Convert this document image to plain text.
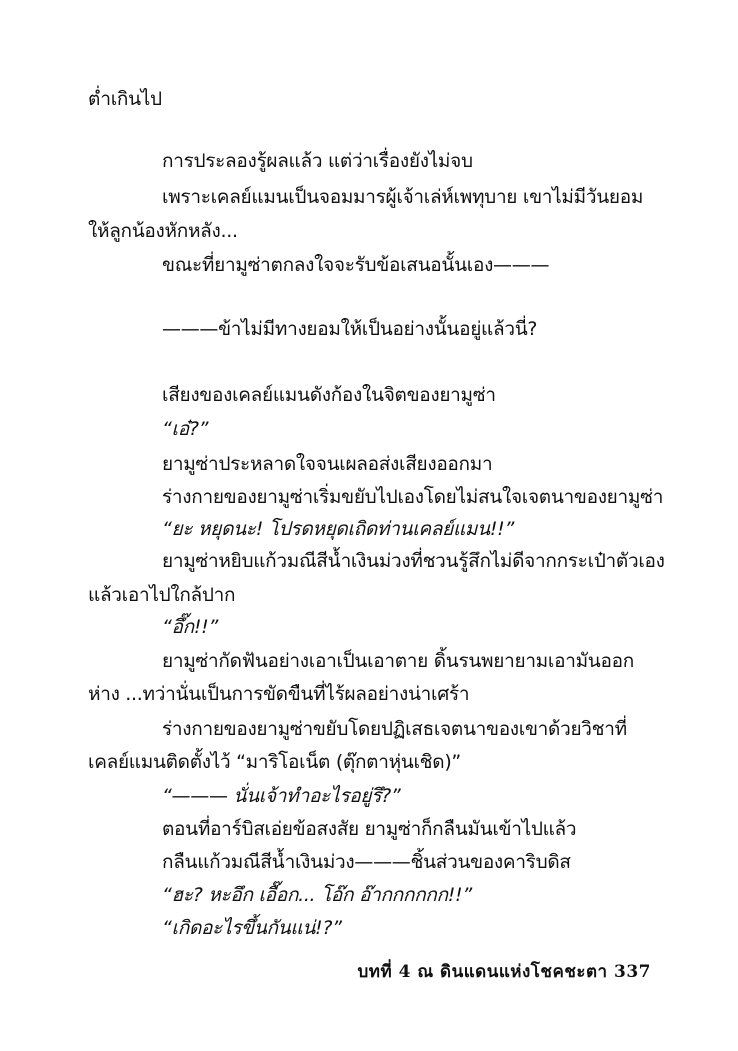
ต่ำเกินไป
การประลองรู้ผลแล้ว แต่ว่าเรื่องยังไม่จบ
เพราะเคลย์แมนเป็นจอมมารผู้เจ้าเล่ห์เพทุบาย เขาไม่มีวันยอม
ให้ลูกน้องหักหลัง...
ขณะที่ยามูซ่าตกลงใจจะรับข้อเสนอนั้นเอง———
———ข้าไม่มีทางยอมให้เป็นอย่างนั้นอยู่แล้วนี่?
เสียงของเคลย์แมนดังก้องในจิตของยามูซ่า
“เอ๋?”
ยามูซ่าประหลาดใจจนเผลอส่งเสียงออกมา
ร่างกายของยามูซ่าเริ่มขยับไปเองโดยไม่สนใจเจตนาของยามูซ่า
“ยะ หยุดนะ! โปรดหยุดเถิดท่านเคลย์แมน!!”
ยามูซ่าหยิบแก้วมณีสีน้ำเงินม่วงที่ชวนรู้สึกไม่ดีจากกระเป๋าตัวเอง
แล้วเอาไปใกล้ปาก
“อึ๊ก!!”
ยามูซ่ากัดฟันอย่างเอาเป็นเอาตาย ดิ้นรนพยายามเอามันออก
ห่าง ...ทว่านั่นเป็นการขัดขืนที่ไร้ผลอย่างน่าเศร้า
ร่างกายของยามูซ่าขยับโดยปฏิเสธเจตนาของเขาด้วยวิชาที่
เคลย์แมนติดตั้งไว้ “มาริโอเน็ต (ตุ๊กตาหุ่นเชิด)”
“——— นั่นเจ้าทำอะไรอยู่รึ?”
ตอนที่อาร์บิสเอ่ยข้อสงสัย ยามูซ่าก็กลืนมันเข้าไปแล้ว
กลืนแก้วมณีสีน้ำเงินม่วง———ชิ้นส่วนของคาริบดิส
“ฮะ? หะอึก เอื๊อก... โอ๊ก อ๊ากกกกกก!!”
“เกิดอะไรขึ้นกันแน่!?”
บทที่ 4 ณ ดินแดนแห่งโชคชะตา 337
